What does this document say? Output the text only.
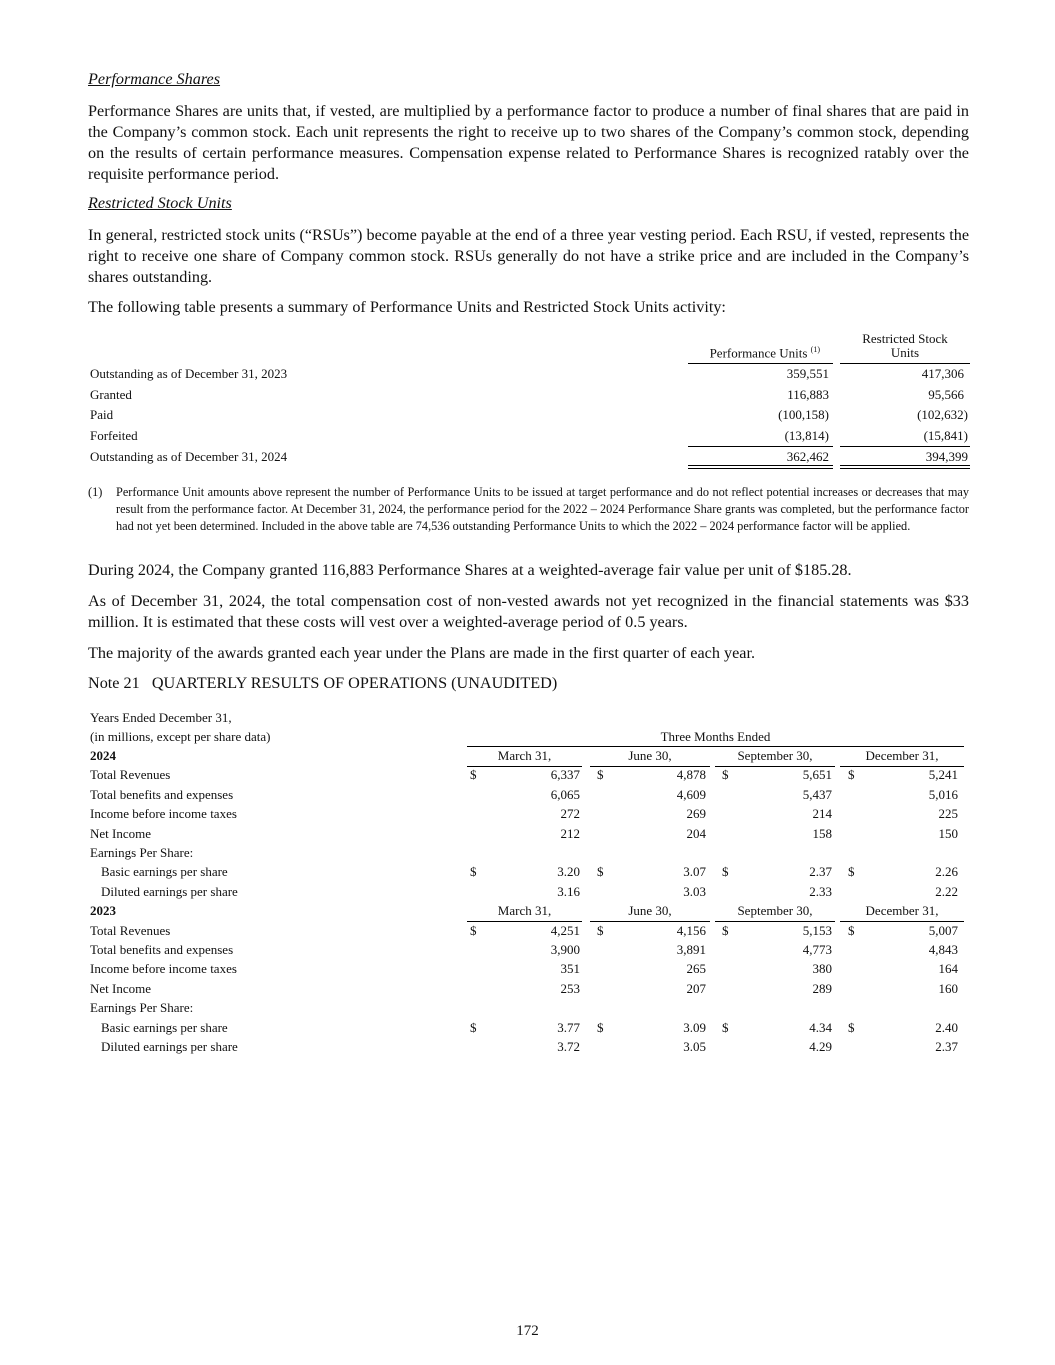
Performance Shares

Performance Shares are units that, if vested, are multiplied by a performance factor to produce a number of final shares that are paid in the Company’s common stock. Each unit represents the right to receive up to two shares of the Company’s common stock, depending on the results of certain performance measures. Compensation expense related to Performance Shares is recognized ratably over the requisite performance period.

Restricted Stock Units

In general, restricted stock units (“RSUs”) become payable at the end of a three year vesting period. Each RSU, if vested, represents the right to receive one share of Company common stock. RSUs generally do not have a strike price and are included in the Company’s shares outstanding.

The following table presents a summary of Performance Units and Restricted Stock Units activity:

Performance Units $^{(1)}$
Restricted Stock
Units
Outstanding as of December 31, 2023	359,551	417,306
Granted	116,883	95,566
Paid	(100,158)	(102,632)
Forfeited	(13,814)	(15,841)
Outstanding as of December 31, 2024	362,462	394,399
(1) Performance Unit amounts above represent the number of Performance Units to be issued at target performance and do not reflect potential increases or decreases that may result from the performance factor. At December 31, 2024, the performance period for the 2022 – 2024 Performance Share grants was completed, but the performance factor had not yet been determined. Included in the above table are 74,536 outstanding Performance Units to which the 2022 – 2024 performance factor will be applied.

During 2024, the Company granted 116,883 Performance Shares at a weighted-average fair value per unit of $185.28.

As of December 31, 2024, the total compensation cost of non-vested awards not yet recognized in the financial statements was $33 million. It is estimated that these costs will vest over a weighted-average period of 0.5 years.

The majority of the awards granted each year under the Plans are made in the first quarter of each year.

Note 21 QUARTERLY RESULTS OF OPERATIONS (UNAUDITED)
Years Ended December 31,
(in millions, except per share data)	Three Months Ended
2024	March 31,	June 30,	September 30,	December 31,
Total Revenues	$	6,337 $	4,878 $	5,651 $	5,241
Total benefits and expenses	6,065	4,609	5,437	5,016
Income before income taxes	272	269	214	225
Net Income	212	204	158	150
Earnings Per Share:
Basic earnings per share	$	3.20 $	3.07 $	2.37 $	2.26
Diluted earnings per share	3.16	3.03	2.33	2.22
2023	March 31,	June 30,	September 30,	December 31,
Total Revenues	$	4,251 $	4,156 $	5,153 $	5,007
Total benefits and expenses	3,900	3,891	4,773	4,843
Income before income taxes	351	265	380	164
Net Income	253	207	289	160
Earnings Per Share:
Basic earnings per share	$	3.77 $	3.09 $	4.34 $	2.40
Diluted earnings per share	3.72	3.05	4.29	2.37
172
